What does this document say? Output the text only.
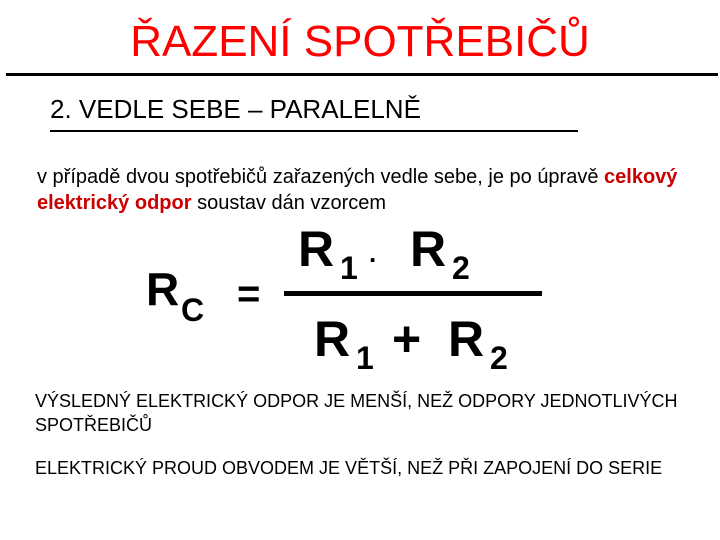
ŘAZENÍ SPOTŘEBIČŮ
2. VEDLE SEBE – PARALELNĚ
v případě dvou spotřebičů zařazených vedle sebe, je po úpravě celkový elektrický odpor soustav dán vzorcem
R C =
R 1 . R 2
R 1 + R 2
VÝSLEDNÝ ELEKTRICKÝ ODPOR JE MENŠÍ, NEŽ ODPORY JEDNOTLIVÝCH SPOTŘEBIČŮ
ELEKTRICKÝ PROUD OBVODEM JE VĚTŠÍ, NEŽ PŘI ZAPOJENÍ DO SERIE
